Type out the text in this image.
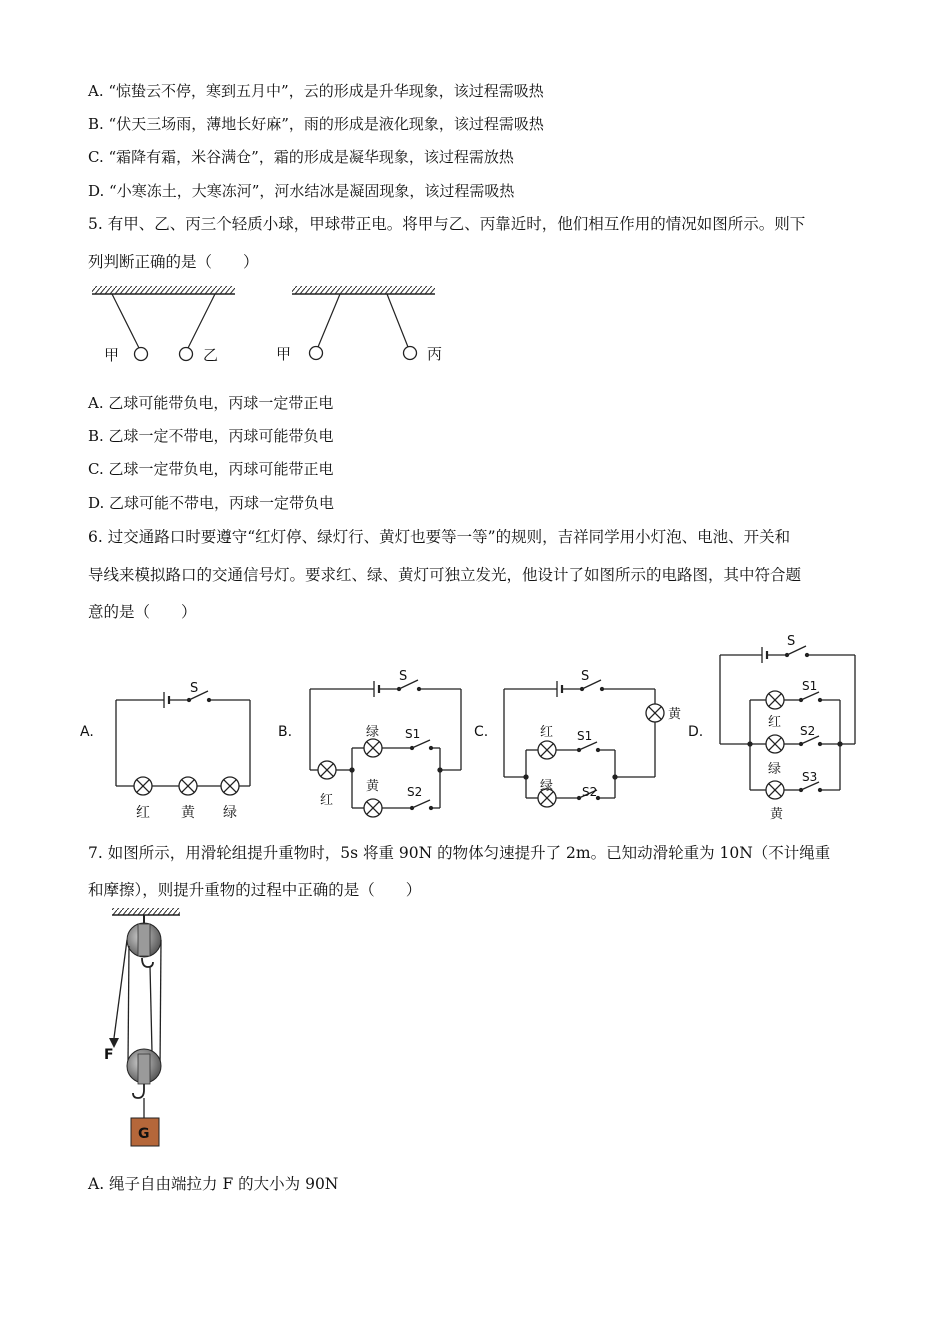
A. “惊蛰云不停，寒到五月中”，云的形成是升华现象，该过程需吸热
B. “伏天三场雨，薄地长好麻”，雨的形成是液化现象，该过程需吸热
C. “霜降有霜，米谷满仓”，霜的形成是凝华现象，该过程需放热
D. “小寒冻土，大寒冻河”，河水结冰是凝固现象，该过程需吸热
5. 有甲、乙、丙三个轻质小球，甲球带正电。将甲与乙、丙靠近时，他们相互作用的情况如图所示。则下
列判断正确的是（　　）
甲	乙	甲	丙
A. 乙球可能带负电，丙球一定带正电
B. 乙球一定不带电，丙球可能带负电
C. 乙球一定带负电，丙球可能带正电
D. 乙球可能不带电，丙球一定带负电
6. 过交通路口时要遵守“红灯停、绿灯行、黄灯也要等一等”的规则，吉祥同学用小灯泡、电池、开关和
导线来模拟路口的交通信号灯。要求红、绿、黄灯可独立发光，他设计了如图所示的电路图，其中符合题
意的是（　　）
A.
S
红 黄 绿
B.
S
绿
黄
红
S1
S2
C.
S
黄
红
绿
S1
S2
D.
S
红
绿
黄
S1
S2
S3
7. 如图所示，用滑轮组提升重物时，5s 将重 90N 的物体匀速提升了 2m。已知动滑轮重为 10N（不计绳重
和摩擦），则提升重物的过程中正确的是（　　）
F
G
A. 绳子自由端拉力 F 的大小为 90N
